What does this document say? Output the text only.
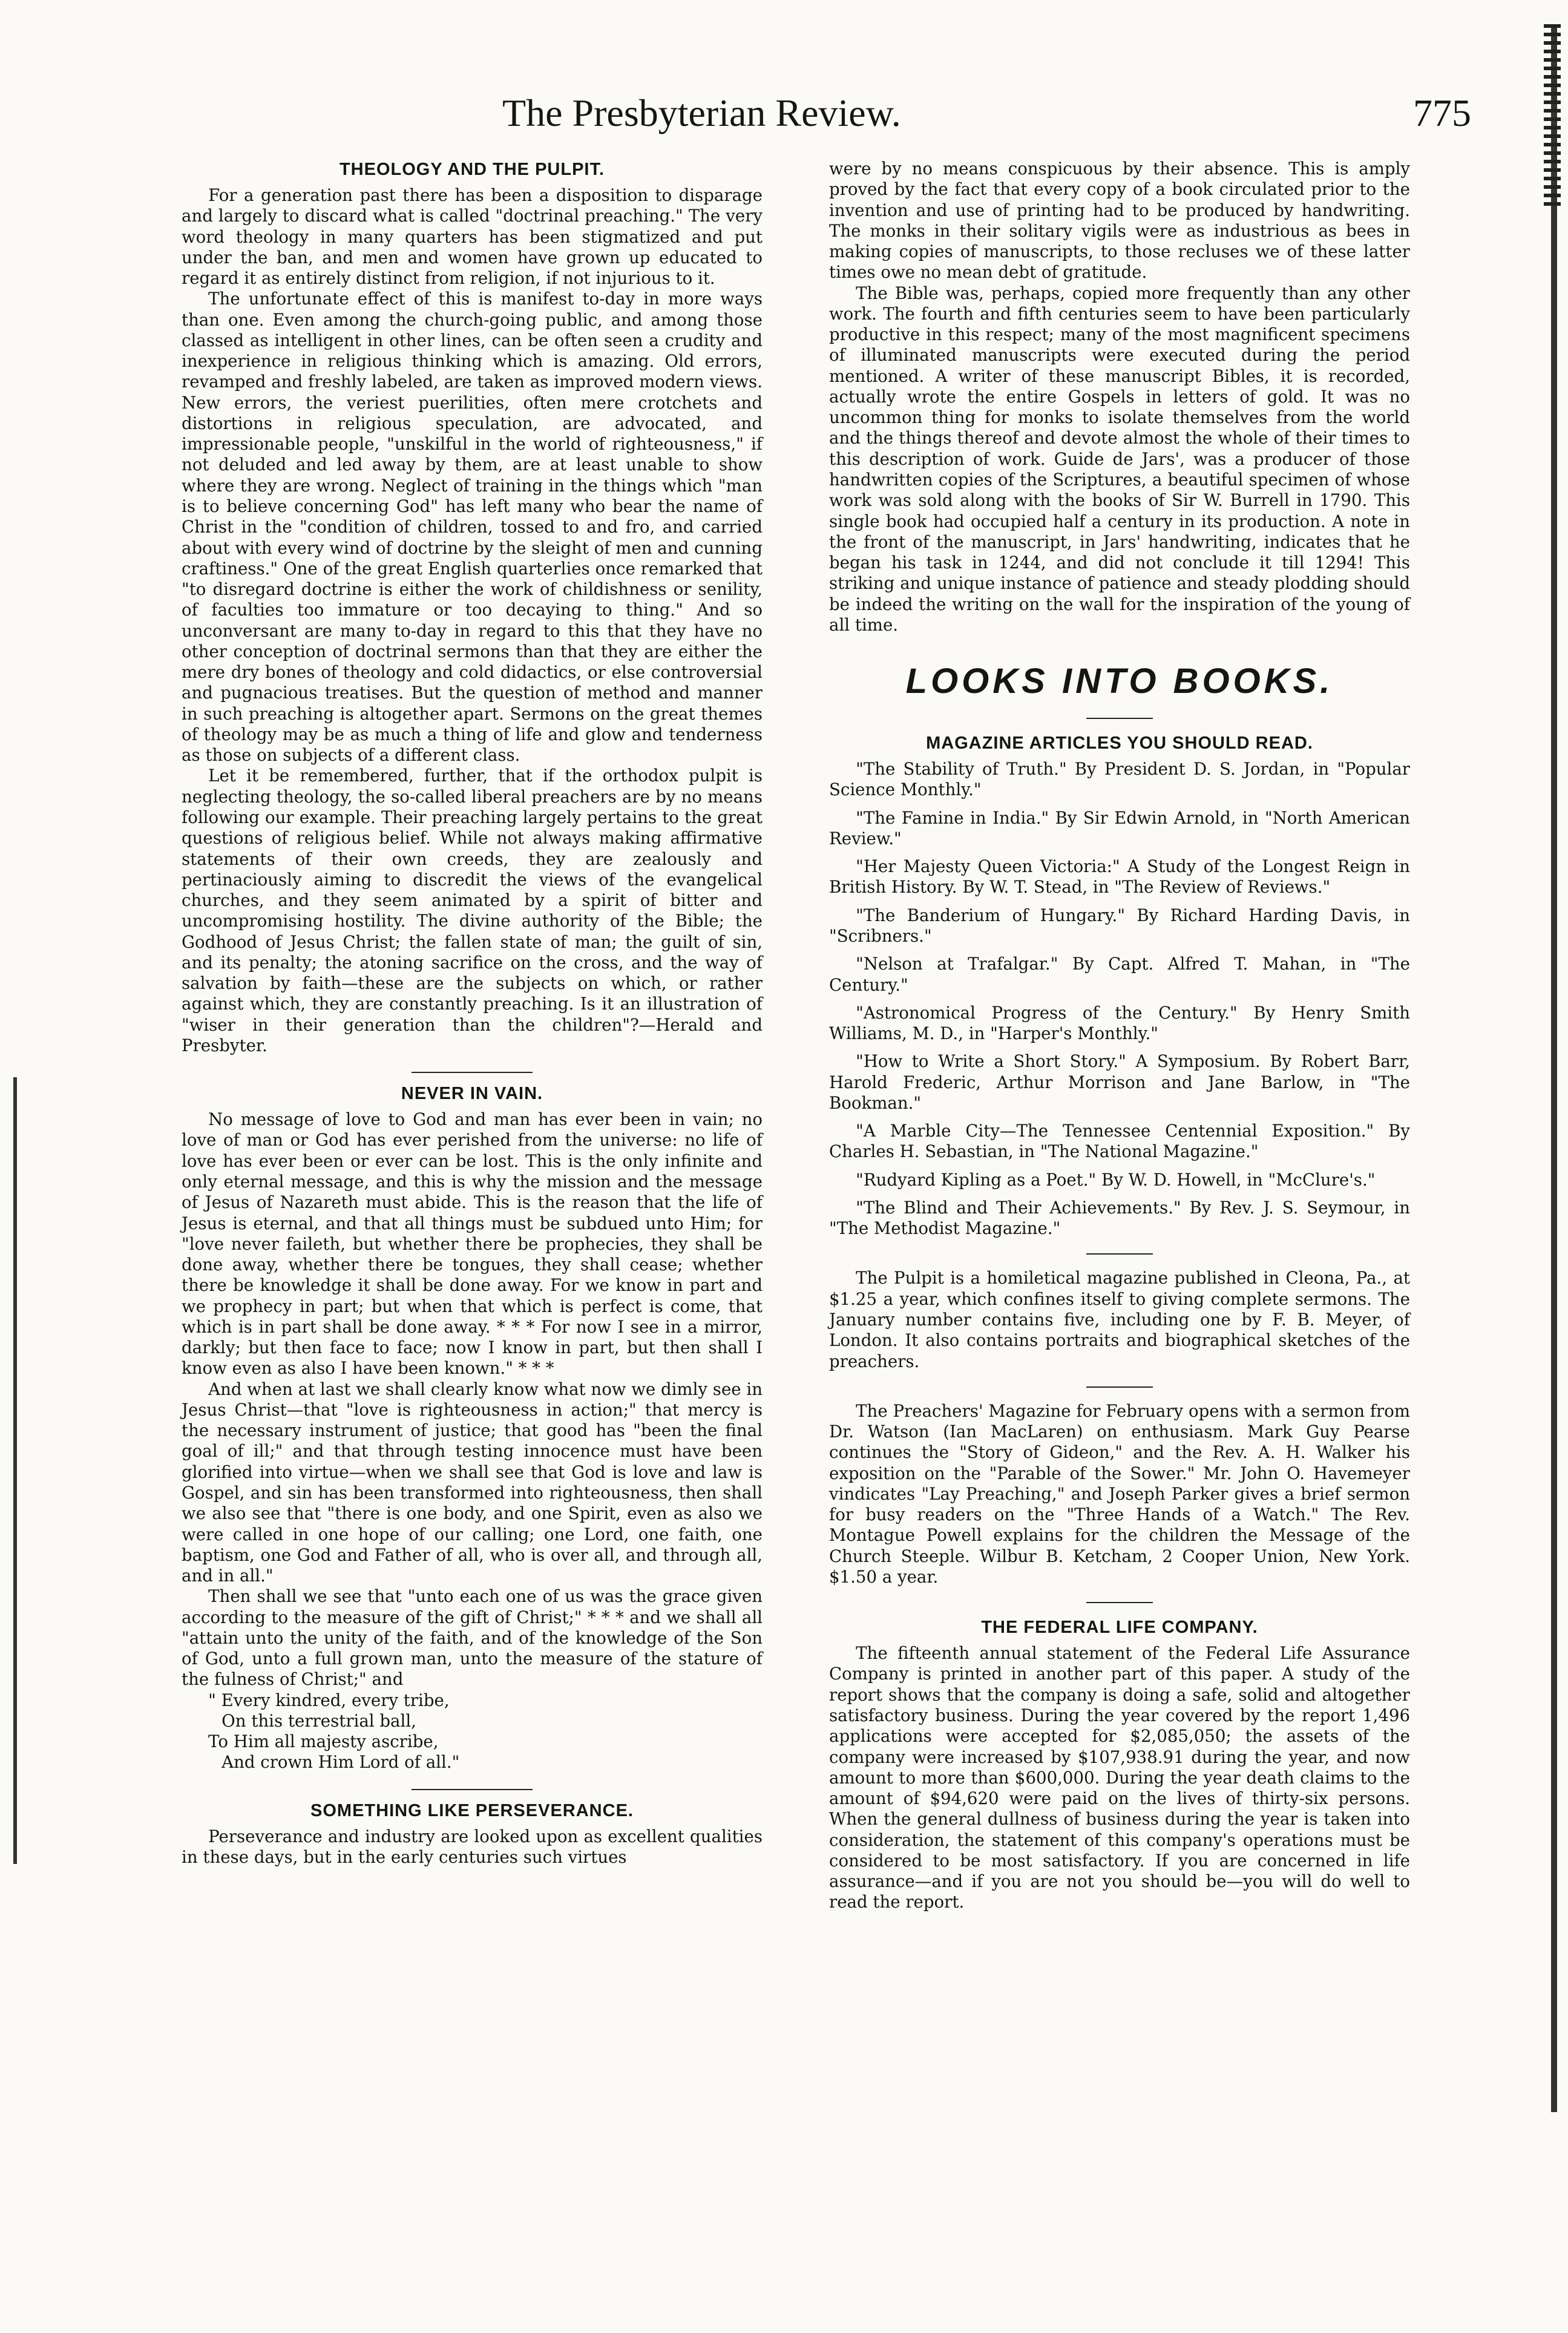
The Presbyterian Review.	775
THEOLOGY AND THE PULPIT.

For a generation past there has been a disposition to disparage and largely to discard what is called "doctrinal preaching." The very word theology in many quarters has been stigmatized and put under the ban, and men and women have grown up educated to regard it as entirely distinct from religion, if not injurious to it.

The unfortunate effect of this is manifest to-day in more ways than one. Even among the church-going public, and among those classed as intelligent in other lines, can be often seen a crudity and inexperience in religious thinking which is amazing. Old errors, revamped and freshly labeled, are taken as improved modern views. New errors, the veriest puerilities, often mere crotchets and distortions in religious speculation, are advocated, and impressionable people, "unskilful in the world of righteousness," if not deluded and led away by them, are at least unable to show where they are wrong. Neglect of training in the things which "man is to believe concerning God" has left many who bear the name of Christ in the "condition of children, tossed to and fro, and carried about with every wind of doctrine by the sleight of men and cunning craftiness." One of the great English quarterlies once remarked that "to disregard doctrine is either the work of childishness or senility, of faculties too immature or too decaying to thing." And so unconversant are many to-day in regard to this that they have no other conception of doctrinal sermons than that they are either the mere dry bones of theology and cold didactics, or else controversial and pugnacious treatises. But the question of method and manner in such preaching is altogether apart. Sermons on the great themes of theology may be as much a thing of life and glow and tenderness as those on subjects of a different class.

Let it be remembered, further, that if the orthodox pulpit is neglecting theology, the so-called liberal preachers are by no means following our example. Their preaching largely pertains to the great questions of religious belief. While not always making affirmative statements of their own creeds, they are zealously and pertinaciously aiming to discredit the views of the evangelical churches, and they seem animated by a spirit of bitter and uncompromising hostility. The divine authority of the Bible; the Godhood of Jesus Christ; the fallen state of man; the guilt of sin, and its penalty; the atoning sacrifice on the cross, and the way of salvation by faith—these are the subjects on which, or rather against which, they are constantly preaching. Is it an illustration of "wiser in their generation than the children"?—Herald and Presbyter.

NEVER IN VAIN.

No message of love to God and man has ever been in vain; no love of man or God has ever perished from the universe: no life of love has ever been or ever can be lost. This is the only infinite and only eternal message, and this is why the mission and the message of Jesus of Nazareth must abide. This is the reason that the life of Jesus is eternal, and that all things must be subdued unto Him; for "love never faileth, but whether there be prophecies, they shall be done away, whether there be tongues, they shall cease; whether there be knowledge it shall be done away. For we know in part and we prophecy in part; but when that which is perfect is come, that which is in part shall be done away. * * * For now I see in a mirror, darkly; but then face to face; now I know in part, but then shall I know even as also I have been known." * * *

And when at last we shall clearly know what now we dimly see in Jesus Christ—that "love is righteousness in action;" that mercy is the necessary instrument of justice; that good has "been the final goal of ill;" and that through testing innocence must have been glorified into virtue—when we shall see that God is love and law is Gospel, and sin has been transformed into righteousness, then shall we also see that "there is one body, and one Spirit, even as also we were called in one hope of our calling; one Lord, one faith, one baptism, one God and Father of all, who is over all, and through all, and in all."

Then shall we see that "unto each one of us was the grace given according to the measure of the gift of Christ;" * * * and we shall all "attain unto the unity of the faith, and of the knowledge of the Son of God, unto a full grown man, unto the measure of the stature of the fulness of Christ;" and

" Every kindred, every tribe,
On this terrestrial ball,
To Him all majesty ascribe,
And crown Him Lord of all."

SOMETHING LIKE PERSEVERANCE.

Perseverance and industry are looked upon as excellent qualities in these days, but in the early centuries such virtues

were by no means conspicuous by their absence. This is amply proved by the fact that every copy of a book circulated prior to the invention and use of printing had to be produced by handwriting. The monks in their solitary vigils were as industrious as bees in making copies of manuscripts, to those recluses we of these latter times owe no mean debt of gratitude.

The Bible was, perhaps, copied more frequently than any other work. The fourth and fifth centuries seem to have been particularly productive in this respect; many of the most magnificent specimens of illuminated manuscripts were executed during the period mentioned. A writer of these manuscript Bibles, it is recorded, actually wrote the entire Gospels in letters of gold. It was no uncommon thing for monks to isolate themselves from the world and the things thereof and devote almost the whole of their times to this description of work. Guide de Jars', was a producer of those handwritten copies of the Scriptures, a beautiful specimen of whose work was sold along with the books of Sir W. Burrell in 1790. This single book had occupied half a century in its production. A note in the front of the manuscript, in Jars' handwriting, indicates that he began his task in 1244, and did not conclude it till 1294! This striking and unique instance of patience and steady plodding should be indeed the writing on the wall for the inspiration of the young of all time.

LOOKS INTO BOOKS.
MAGAZINE ARTICLES YOU SHOULD READ.

"The Stability of Truth." By President D. S. Jordan, in "Popular Science Monthly."

"The Famine in India." By Sir Edwin Arnold, in "North American Review."

"Her Majesty Queen Victoria:" A Study of the Longest Reign in British History. By W. T. Stead, in "The Review of Reviews."

"The Banderium of Hungary." By Richard Harding Davis, in "Scribners."

"Nelson at Trafalgar." By Capt. Alfred T. Mahan, in "The Century."

"Astronomical Progress of the Century." By Henry Smith Williams, M. D., in "Harper's Monthly."

"How to Write a Short Story." A Symposium. By Robert Barr, Harold Frederic, Arthur Morrison and Jane Barlow, in "The Bookman."

"A Marble City—The Tennessee Centennial Exposition." By Charles H. Sebastian, in "The National Magazine."

"Rudyard Kipling as a Poet." By W. D. Howell, in "McClure's."

"The Blind and Their Achievements." By Rev. J. S. Seymour, in "The Methodist Magazine."

The Pulpit is a homiletical magazine published in Cleona, Pa., at $1.25 a year, which confines itself to giving complete sermons. The January number contains five, including one by F. B. Meyer, of London. It also contains portraits and biographical sketches of the preachers.

The Preachers' Magazine for February opens with a sermon from Dr. Watson (Ian MacLaren) on enthusiasm. Mark Guy Pearse continues the "Story of Gideon," and the Rev. A. H. Walker his exposition on the "Parable of the Sower." Mr. John O. Havemeyer vindicates "Lay Preaching," and Joseph Parker gives a brief sermon for busy readers on the "Three Hands of a Watch." The Rev. Montague Powell explains for the children the Message of the Church Steeple. Wilbur B. Ketcham, 2 Cooper Union, New York. $1.50 a year.

THE FEDERAL LIFE COMPANY.

The fifteenth annual statement of the Federal Life Assurance Company is printed in another part of this paper. A study of the report shows that the company is doing a safe, solid and altogether satisfactory business. During the year covered by the report 1,496 applications were accepted for $2,085,050; the assets of the company were increased by $107,938.91 during the year, and now amount to more than $600,000. During the year death claims to the amount of $94,620 were paid on the lives of thirty-six persons. When the general dullness of business during the year is taken into consideration, the statement of this company's operations must be considered to be most satisfactory. If you are concerned in life assurance—and if you are not you should be—you will do well to read the report.
